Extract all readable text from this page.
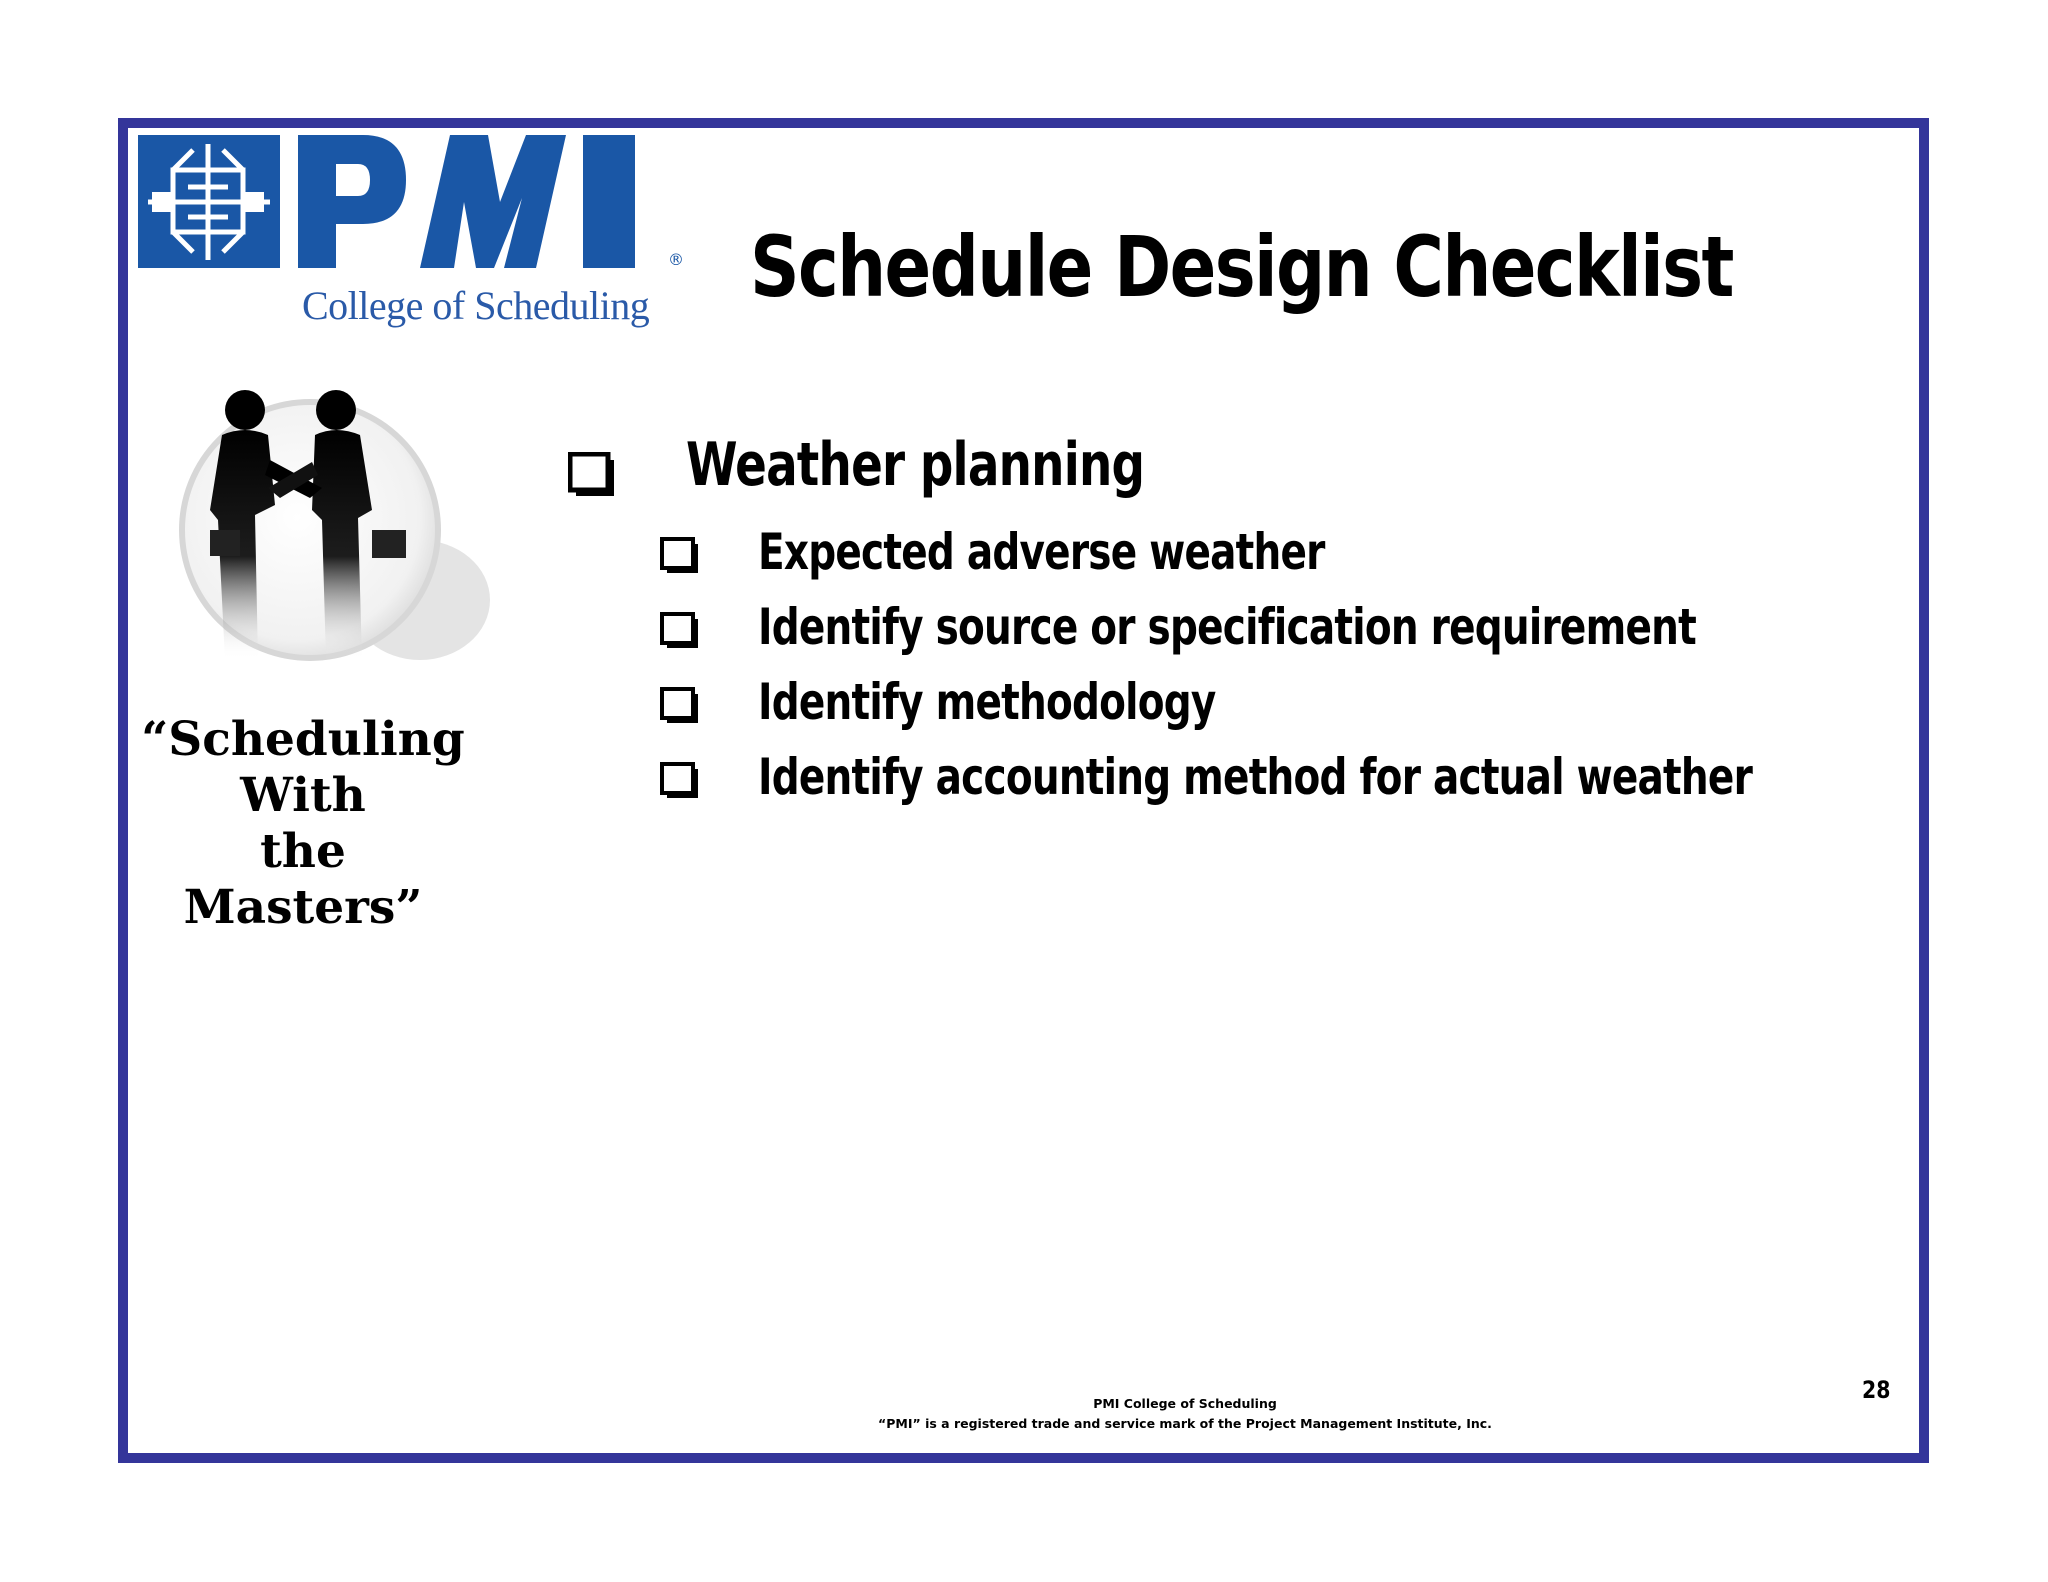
®
College of Scheduling Schedule Design Checklist
“Scheduling
With
the Masters”
Weather planning
Expected adverse weather
Identify source or specification requirement
Identify methodology
Identify accounting method for actual weather
PMI College of Scheduling
“PMI” is a registered trade and service mark of the Project Management Institute, Inc.
28
